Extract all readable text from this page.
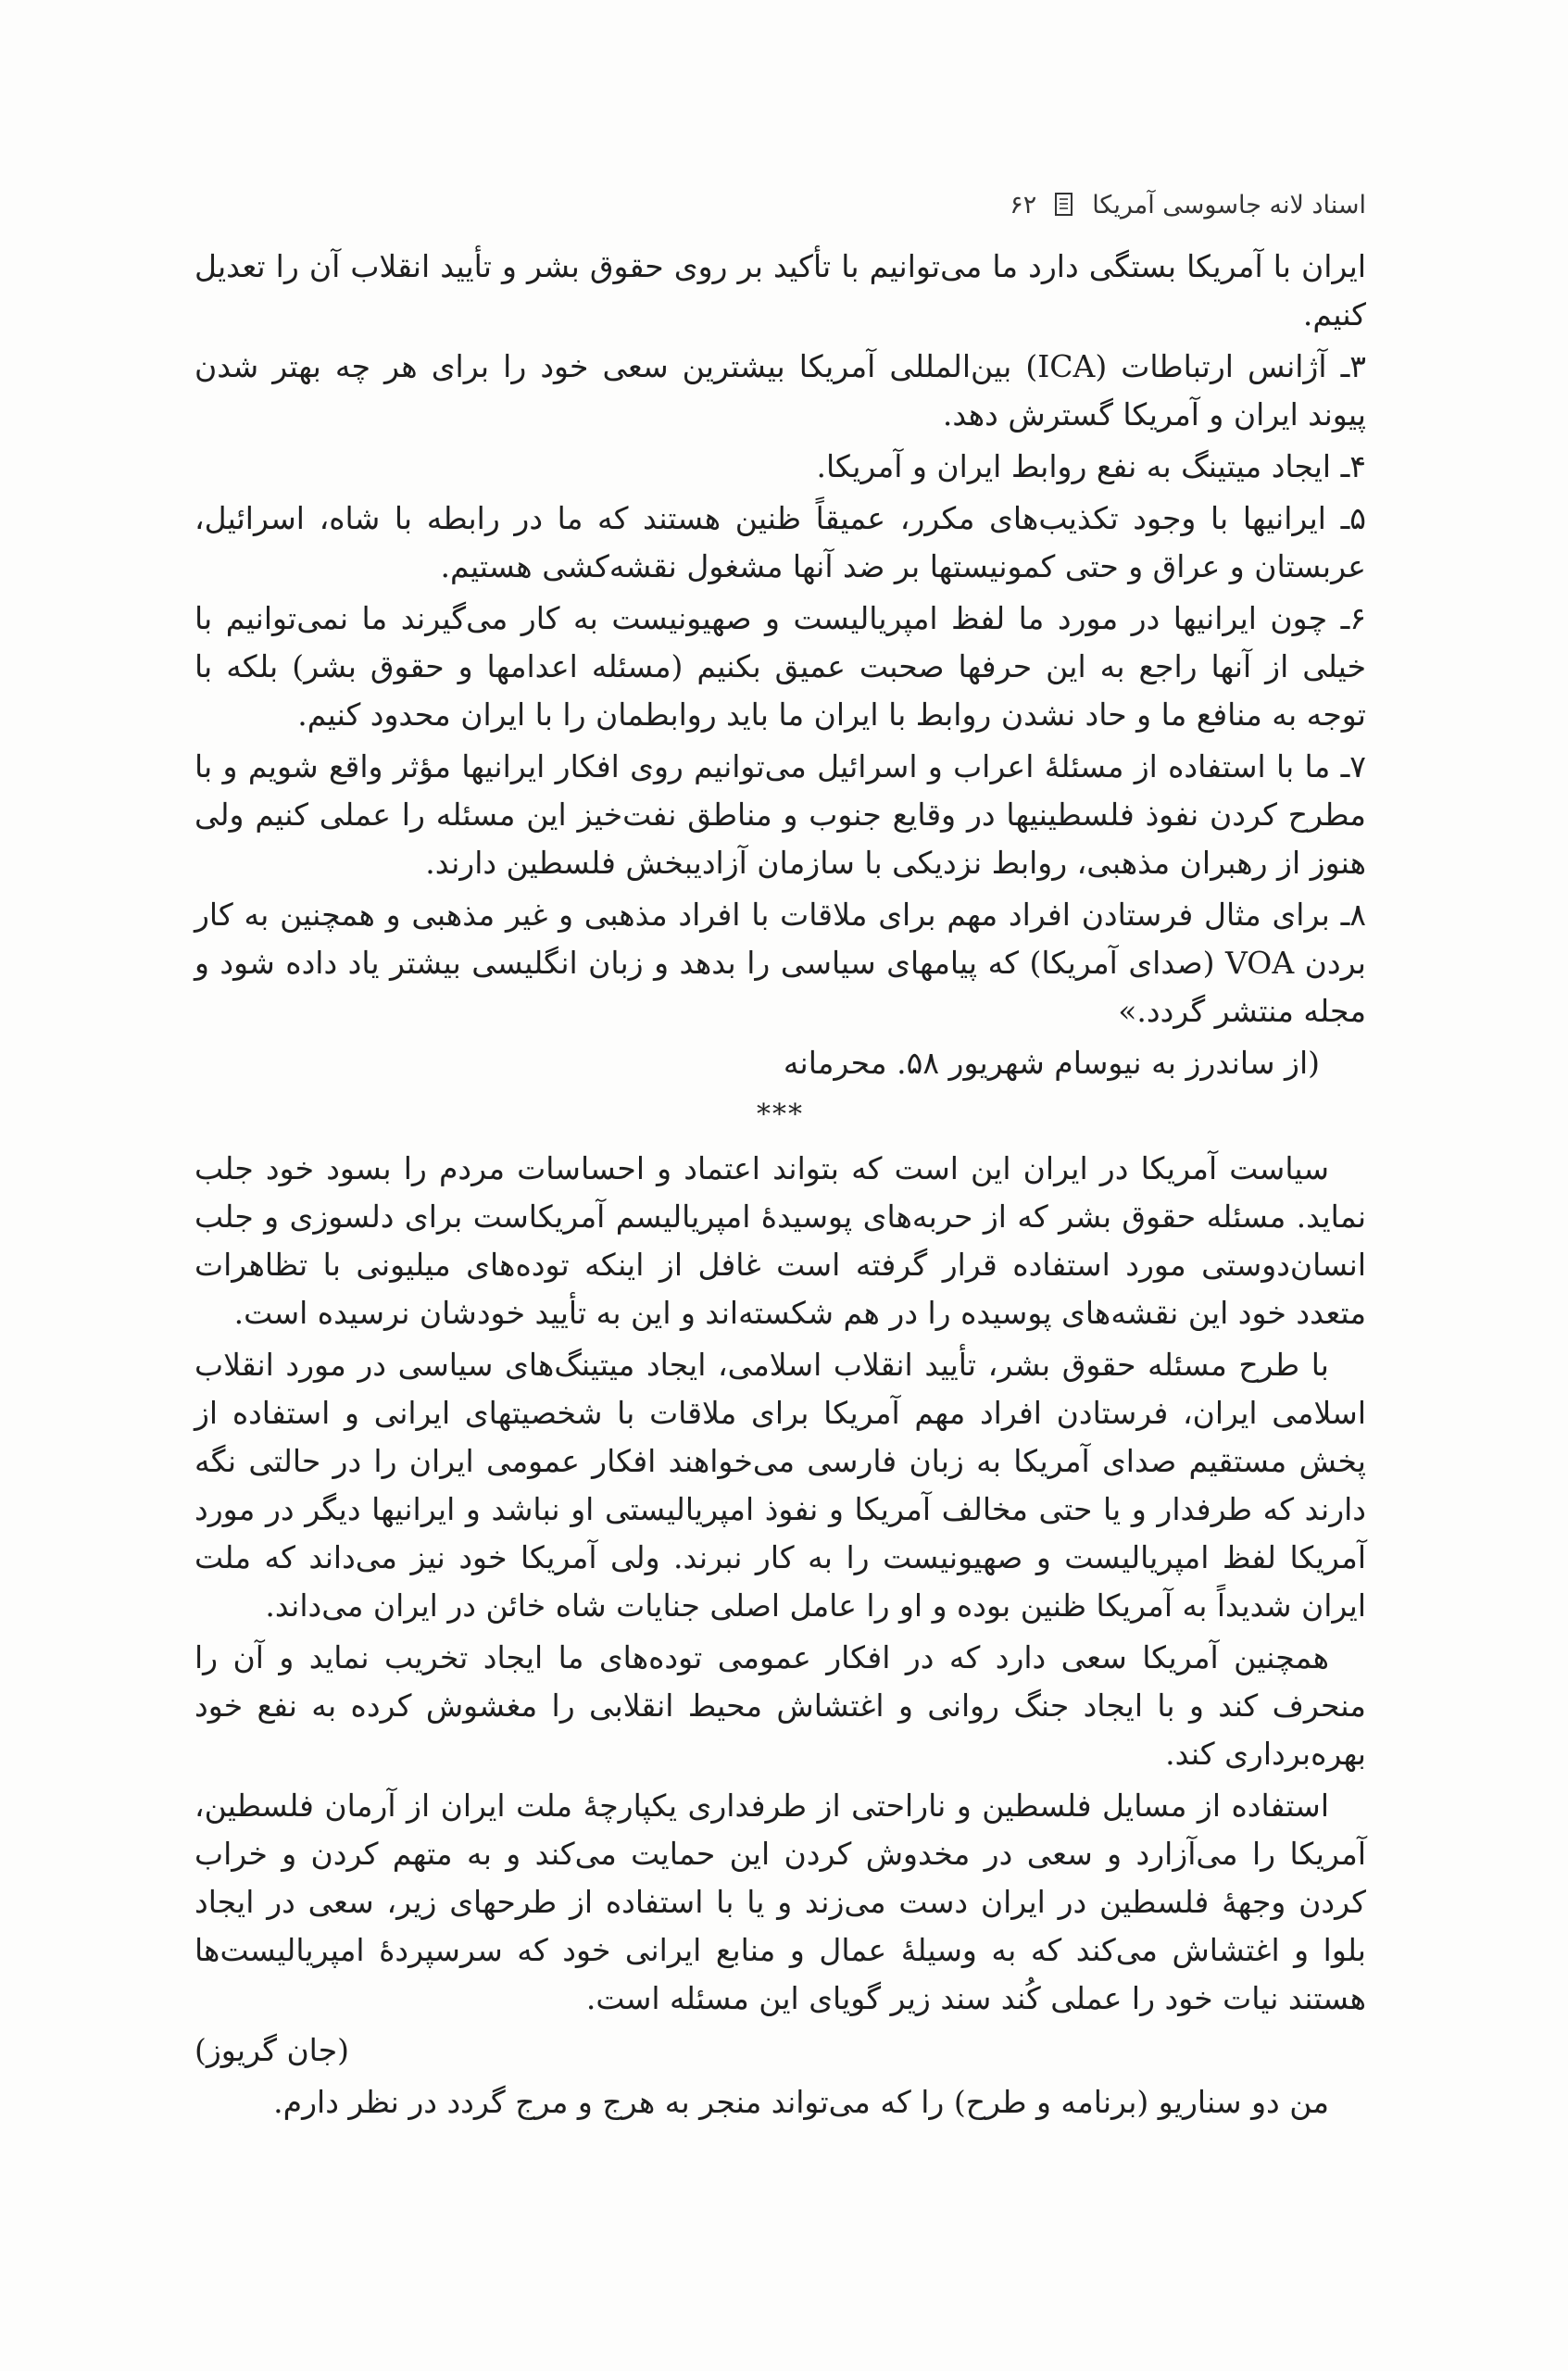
اسناد لانه جاسوسی آمریکا
۶۲

ایران با آمریکا بستگی دارد ما می‌توانیم با تأکید بر روی حقوق بشر و تأیید انقلاب آن را تعدیل کنیم.

۳ـ آژانس ارتباطات (ICA) بین‌المللی آمریکا بیشترین سعی خود را برای هر چه بهتر شدن پیوند ایران و آمریکا گسترش دهد.

۴ـ ایجاد میتینگ به نفع روابط ایران و آمریکا.

۵ـ ایرانیها با وجود تکذیب‌های مکرر، عمیقاً ظنین هستند که ما در رابطه با شاه، اسرائیل، عربستان و عراق و حتی کمونیستها بر ضد آنها مشغول نقشه‌کشی هستیم.

۶ـ چون ایرانیها در مورد ما لفظ امپریالیست و صهیونیست به کار می‌گیرند ما نمی‌توانیم با خیلی از آنها راجع به این حرفها صحبت عمیق بکنیم (مسئله اعدامها و حقوق بشر) بلکه با توجه به منافع ما و حاد نشدن روابط با ایران ما باید روابطمان را با ایران محدود کنیم.

۷ـ ما با استفاده از مسئلهٔ اعراب و اسرائیل می‌توانیم روی افکار ایرانیها مؤثر واقع شویم و با مطرح کردن نفوذ فلسطینیها در وقایع جنوب و مناطق نفت‌خیز این مسئله را عملی کنیم ولی هنوز از رهبران مذهبی، روابط نزدیکی با سازمان آزادیبخش فلسطین دارند.

۸ـ برای مثال فرستادن افراد مهم برای ملاقات با افراد مذهبی و غیر مذهبی و همچنین به کار بردن VOA (صدای آمریکا) که پیامهای سیاسی را بدهد و زبان انگلیسی بیشتر یاد داده شود و مجله منتشر گردد.»

(از ساندرز به نیوسام شهریور ۵۸. محرمانه

***

سیاست آمریکا در ایران این است که بتواند اعتماد و احساسات مردم را بسود خود جلب نماید. مسئله حقوق بشر که از حربه‌های پوسیدهٔ امپریالیسم آمریکاست برای دلسوزی و جلب انسان‌دوستی مورد استفاده قرار گرفته است غافل از اینکه توده‌های میلیونی با تظاهرات متعدد خود این نقشه‌های پوسیده را در هم شکسته‌اند و این به تأیید خودشان نرسیده است.

با طرح مسئله حقوق بشر، تأیید انقلاب اسلامی، ایجاد میتینگ‌های سیاسی در مورد انقلاب اسلامی ایران، فرستادن افراد مهم آمریکا برای ملاقات با شخصیتهای ایرانی و استفاده از پخش مستقیم صدای آمریکا به زبان فارسی می‌خواهند افکار عمومی ایران را در حالتی نگه دارند که طرفدار و یا حتی مخالف آمریکا و نفوذ امپریالیستی او نباشد و ایرانیها دیگر در مورد آمریکا لفظ امپریالیست و صهیونیست را به کار نبرند. ولی آمریکا خود نیز می‌داند که ملت ایران شدیداً به آمریکا ظنین بوده و او را عامل اصلی جنایات شاه خائن در ایران می‌داند.

همچنین آمریکا سعی دارد که در افکار عمومی توده‌های ما ایجاد تخریب نماید و آن را منحرف کند و با ایجاد جنگ روانی و اغتشاش محیط انقلابی را مغشوش کرده به نفع خود بهره‌برداری کند.

استفاده از مسایل فلسطین و ناراحتی از طرفداری یکپارچهٔ ملت ایران از آرمان فلسطین، آمریکا را می‌آزارد و سعی در مخدوش کردن این حمایت می‌کند و به متهم کردن و خراب کردن وجههٔ فلسطین در ایران دست می‌زند و یا با استفاده از طرحهای زیر، سعی در ایجاد بلوا و اغتشاش می‌کند که به وسیلهٔ عمال و منابع ایرانی خود که سرسپردهٔ امپریالیست‌ها هستند نیات خود را عملی کُند سند زیر گویای این مسئله است.

(جان گریوز)

من دو سناریو (برنامه و طرح) را که می‌تواند منجر به هرج و مرج گردد در نظر دارم.
